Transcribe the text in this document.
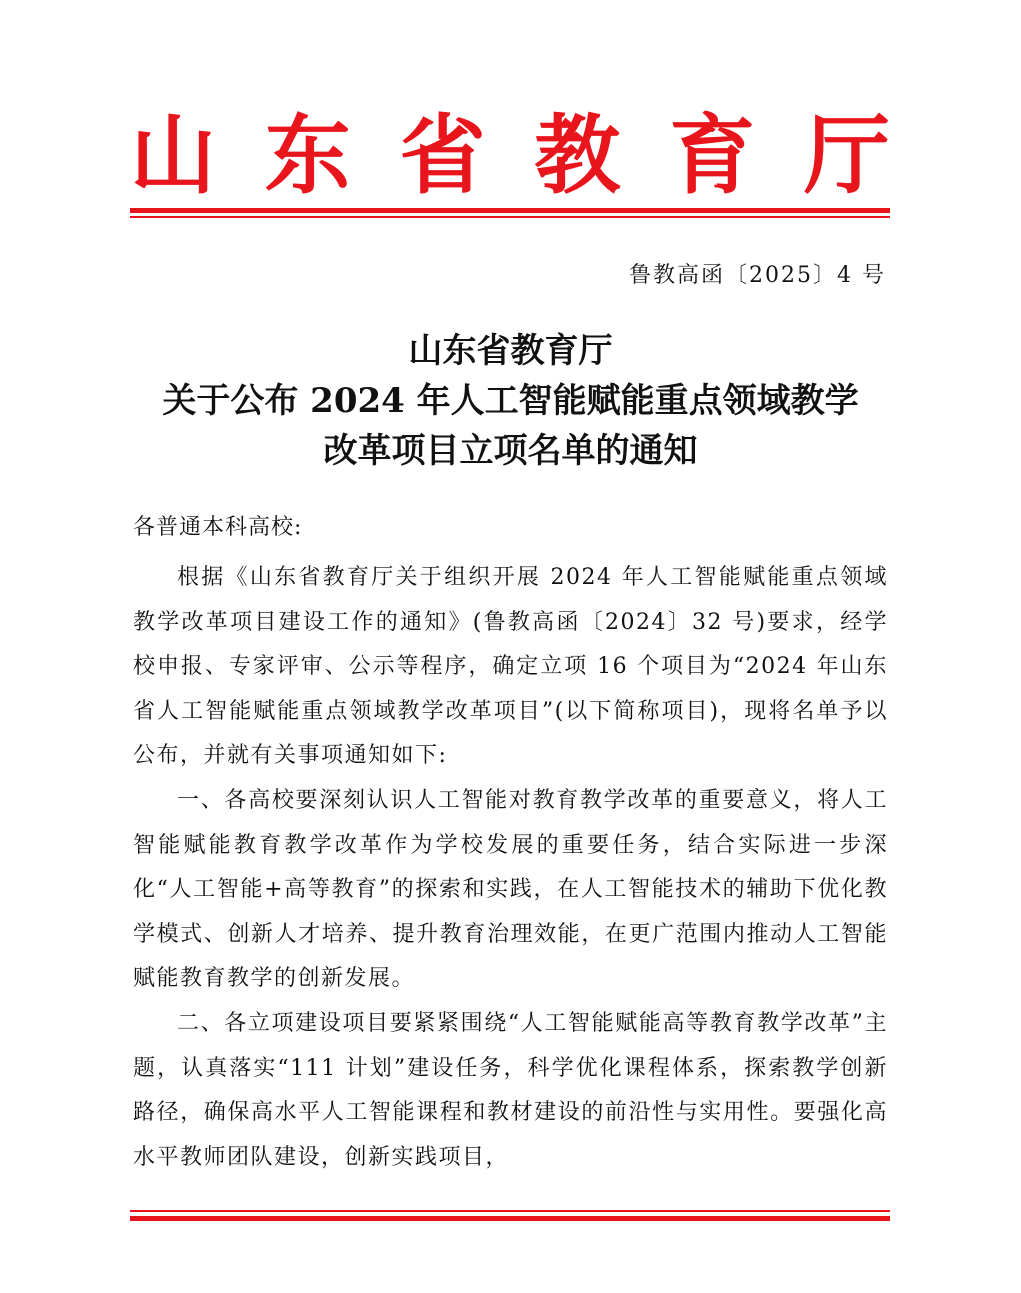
山 东 省 教 育 厅
鲁教高函〔2025〕4 号
山东省教育厅
关于公布 2024 年人工智能赋能重点领域教学
改革项目立项名单的通知
各普通本科高校:

根据《山东省教育厅关于组织开展 2024 年人工智能赋能重点领域教学改革项目建设工作的通知》(鲁教高函〔2024〕32 号)要求，经学校申报、专家评审、公示等程序，确定立项 16 个项目为“2024 年山东省人工智能赋能重点领域教学改革项目”(以下简称项目)，现将名单予以公布，并就有关事项通知如下:

一、各高校要深刻认识人工智能对教育教学改革的重要意义，将人工智能赋能教育教学改革作为学校发展的重要任务，结合实际进一步深化“人工智能+高等教育”的探索和实践，在人工智能技术的辅助下优化教学模式、创新人才培养、提升教育治理效能，在更广范围内推动人工智能赋能教育教学的创新发展。

二、各立项建设项目要紧紧围绕“人工智能赋能高等教育教学改革”主题，认真落实“111 计划”建设任务，科学优化课程体系，探索教学创新路径，确保高水平人工智能课程和教材建设的前沿性与实用性。要强化高水平教师团队建设，创新实践项目，
